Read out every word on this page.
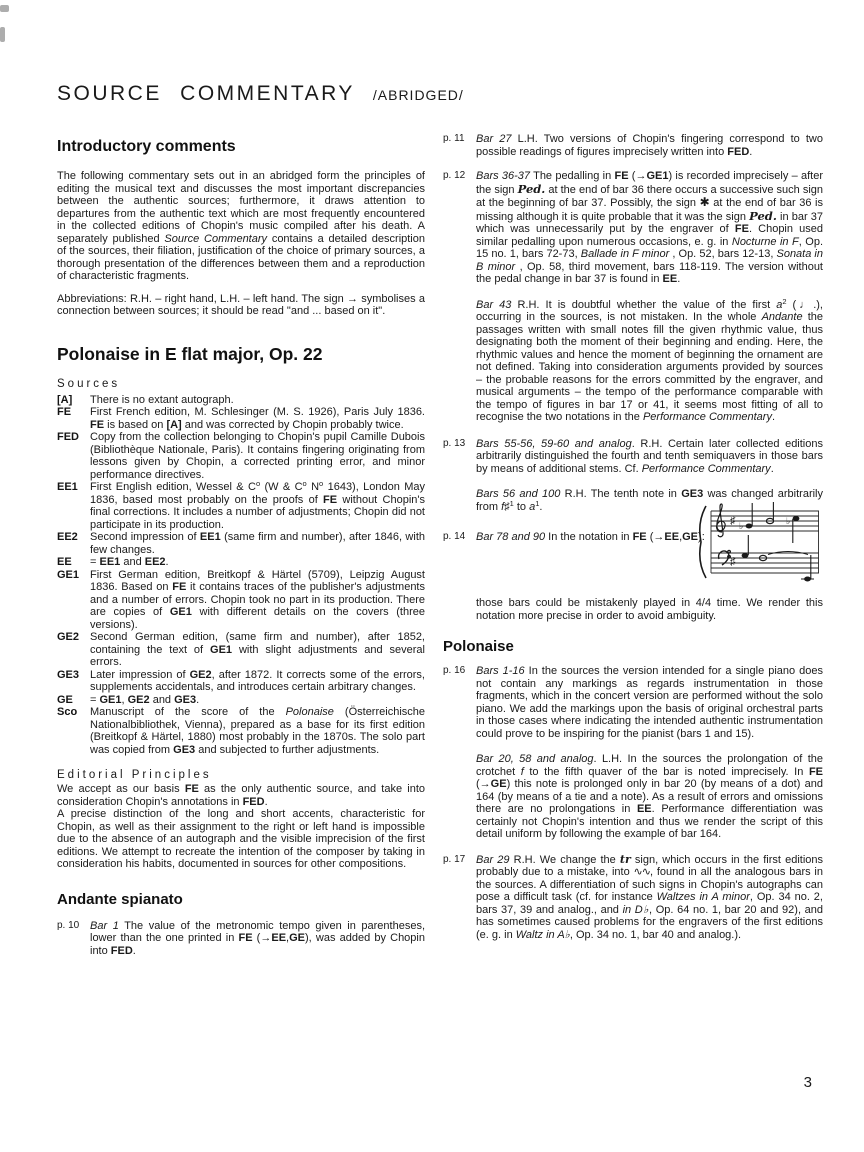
SOURCE COMMENTARY /ABRIDGED/
Introductory comments

The following commentary sets out in an abridged form the principles of editing the musical text and discusses the most important discrepancies between the authentic sources; furthermore, it draws attention to departures from the authentic text which are most frequently encountered in the collected editions of Chopin's music compiled after his death. A separately published Source Commentary contains a detailed description of the sources, their filiation, justification of the choice of primary sources, a thorough presentation of the differences between them and a reproduction of characteristic fragments.

Abbreviations: R.H. – right hand, L.H. – left hand. The sign → symbolises a connection between sources; it should be read "and ... based on it".

Polonaise in E flat major, Op. 22
Sources
[A]	There is no extant autograph.
FE	First French edition, M. Schlesinger (M. S. 1926), Paris July 1836. FE is based on [A] and was corrected by Chopin probably twice.
FED	Copy from the collection belonging to Chopin's pupil Camille Dubois (Bibliothèque Nationale, Paris). It contains fingering originating from lessons given by Chopin, a corrected printing error, and minor performance directives.
EE1	First English edition, Wessel & $C^o$ (W & $C^o$ $N^o$ 1643), London May 1836, based most probably on the proofs of FE without Chopin's final corrections. It includes a number of adjustments; Chopin did not participate in its production.
EE2	Second impression of EE1 (same firm and number), after 1846, with few changes.
EE	= EE1 and EE2.
GE1 First German edition, Breitkopf & Härtel (5709), Leipzig August 1836. Based on FE it contains traces of the publisher's adjustments and a number of errors. Chopin took no part in its production. There are copies of GE1 with different details on the covers (three versions).
GE2 Second German edition, (same firm and number), after 1852, containing the text of GE1 with slight adjustments and several errors.
GE3 Later impression of GE2, after 1872. It corrects some of the errors, supplements accidentals, and introduces certain arbitrary changes.
GE	= GE1, GE2 and GE3.
Sco	Manuscript of the score of the Polonaise (Österreichische Nationalbibliothek, Vienna), prepared as a base for its first edition (Breitkopf & Härtel, 1880) most probably in the 1870s. The solo part was copied from GE3 and subjected to further adjustments.
Editorial Principles

We accept as our basis FE as the only authentic source, and take into consideration Chopin's annotations in FED.

A precise distinction of the long and short accents, characteristic for Chopin, as well as their assignment to the right or left hand is impossible due to the absence of an autograph and the visible imprecision of the first editions. We attempt to recreate the intention of the composer by taking in consideration his habits, documented in sources for other compositions.

Andante spianato
p. 10 Bar 1 The value of the metronomic tempo given in parentheses, lower than the one printed in FE (→EE,GE), was added by Chopin into FED.

p. 11 Bar 27 L.H. Two versions of Chopin's fingering correspond to two possible readings of figures imprecisely written into FED.

p. 12 Bars 36-37 The pedalling in FE (→GE1) is recorded imprecisely – after the sign Ped. at the end of bar 36 there occurs a successive such sign at the beginning of bar 37. Possibly, the sign ✱ at the end of bar 36 is missing although it is quite probable that it was the sign Ped. in bar 37 which was unnecessarily put by the engraver of FE. Chopin used similar pedalling upon numerous occasions, e. g. in Nocturne in F, Op. 15 no. 1, bars 72-73, Ballade in F minor , Op. 52, bars 12-13, Sonata in B minor , Op. 58, third movement, bars 118-119. The version without the pedal change in bar 37 is found in EE.

Bar 43 R.H. It is doubtful whether the value of the first $a^2$ (♩.), occurring in the sources, is not mistaken. In the whole Andante the passages written with small notes fill the given rhythmic value, thus designating both the moment of their beginning and ending. Here, the rhythmic values and hence the moment of beginning the ornament are not defined. Taking into consideration arguments provided by sources – the probable reasons for the errors committed by the engraver, and musical arguments – the tempo of the performance comparable with the tempo of figures in bar 17 or 41, it seems most fitting of all to recognise the two notations in the Performance Commentary.

p. 13 Bars 55-56, 59-60 and analog. R.H. Certain later collected editions arbitrarily distinguished the fourth and tenth semiquavers in those bars by means of additional stems. Cf. Performance Commentary.

Bars 56 and 100 R.H. The tenth note in GE3 was changed arbitrarily from f♯$^1$ to $a^1$.

p. 14 Bar 78 and 90 In the notation in FE (→EE,GE):

♯
♯
♭	♭

those bars could be mistakenly played in 4/4 time. We render this notation more precise in order to avoid ambiguity.

Polonaise
p. 16 Bars 1-16 In the sources the version intended for a single piano does not contain any markings as regards instrumentation in those fragments, which in the concert version are performed without the solo piano. We add the markings upon the basis of original orchestral parts in those cases where indicating the intended authentic instrumentation could prove to be inspiring for the pianist (bars 1 and 15).

Bar 20, 58 and analog. L.H. In the sources the prolongation of the crotchet f to the fifth quaver of the bar is noted imprecisely. In FE (→GE) this note is prolonged only in bar 20 (by means of a dot) and 164 (by means of a tie and a note). As a result of errors and omissions there are no prolongations in EE. Performance differentiation was certainly not Chopin's intention and thus we render the script of this detail uniform by following the example of bar 164.

p. 17 Bar 29 R.H. We change the tr sign, which occurs in the first editions probably due to a mistake, into ∿∿, found in all the analogous bars in the sources. A differentiation of such signs in Chopin's autographs can pose a difficult task (cf. for instance Waltzes in A minor, Op. 34 no. 2, bars 37, 39 and analog., and in D♭, Op. 64 no. 1, bar 20 and 92), and has sometimes caused problems for the engravers of the first editions (e. g. in Waltz in A♭, Op. 34 no. 1, bar 40 and analog.).

3
